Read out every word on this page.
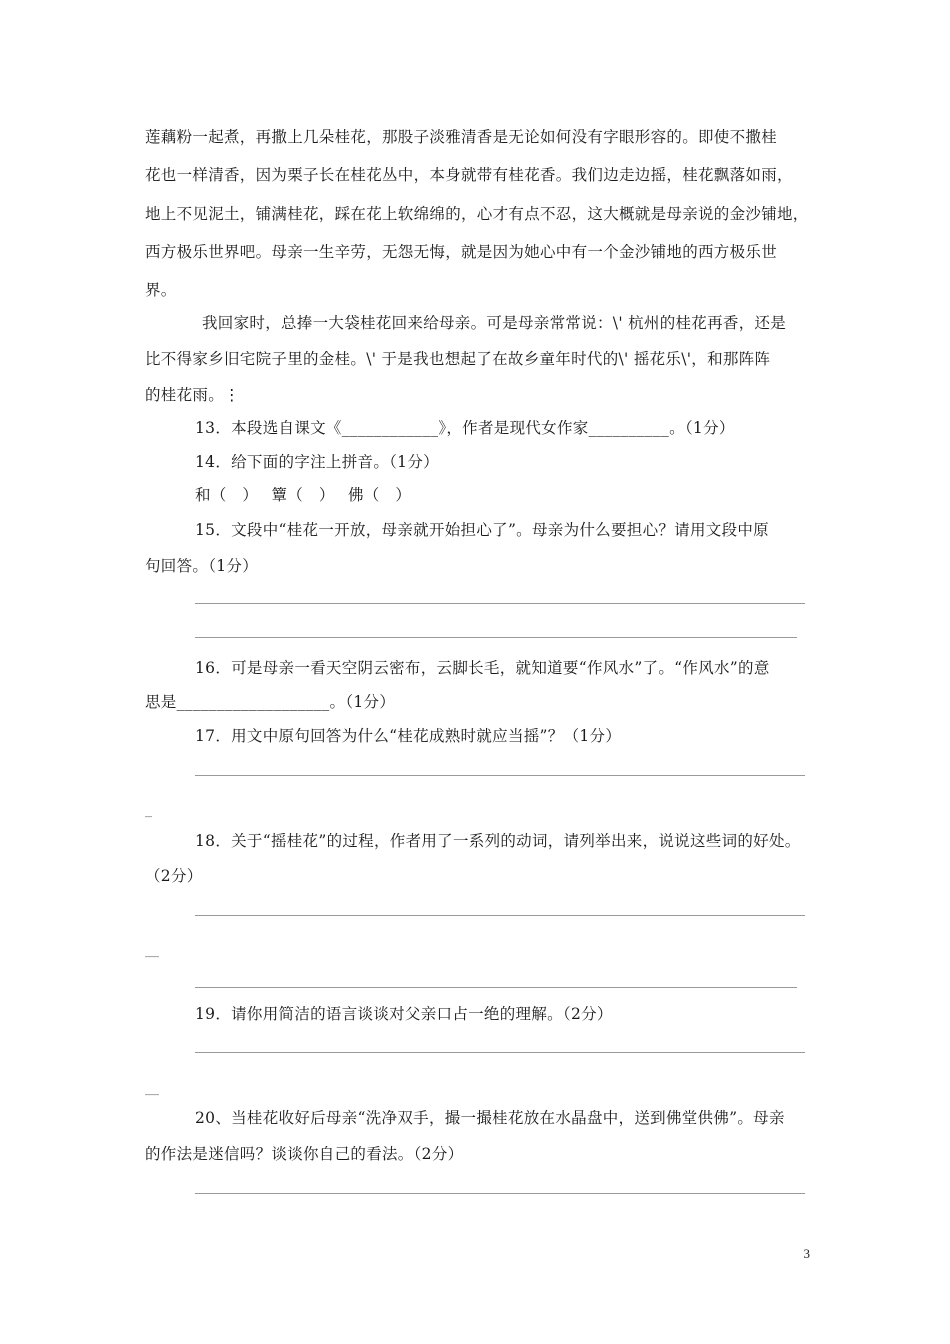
莲藕粉一起煮，再撒上几朵桂花，那股子淡雅清香是无论如何没有字眼形容的。即使不撒桂
花也一样清香，因为栗子长在桂花丛中，本身就带有桂花香。我们边走边摇，桂花飘落如雨，
地上不见泥土，铺满桂花，踩在花上软绵绵的，心才有点不忍，这大概就是母亲说的金沙铺地，
西方极乐世界吧。母亲一生辛劳，无怨无悔，就是因为她心中有一个金沙铺地的西方极乐世
界。
我回家时，总捧一大袋桂花回来给母亲。可是母亲常常说：\' 杭州的桂花再香，还是
比不得家乡旧宅院子里的金桂。\' 于是我也想起了在故乡童年时代的\' 摇花乐\'，和那阵阵
的桂花雨。⋮
13．本段选自课文《____________》，作者是现代女作家__________。（1分）
14．给下面的字注上拼音。（1分）
和（　）　 簟（　）　 佛（　）
15．文段中“桂花一开放，母亲就开始担心了”。母亲为什么要担心？请用文段中原
句回答。（1分）
16．可是母亲一看天空阴云密布，云脚长毛，就知道要“作风水”了。“作风水”的意
思是___________________。（1分）
17．用文中原句回答为什么“桂花成熟时就应当摇”？（1分）
_
18．关于“摇桂花”的过程，作者用了一系列的动词，请列举出来，说说这些词的好处。
（2分）
__
19．请你用简洁的语言谈谈对父亲口占一绝的理解。（2分）
__
20、当桂花收好后母亲“洗净双手，撮一撮桂花放在水晶盘中，送到佛堂供佛”。母亲
的作法是迷信吗？谈谈你自己的看法。（2分）
3
